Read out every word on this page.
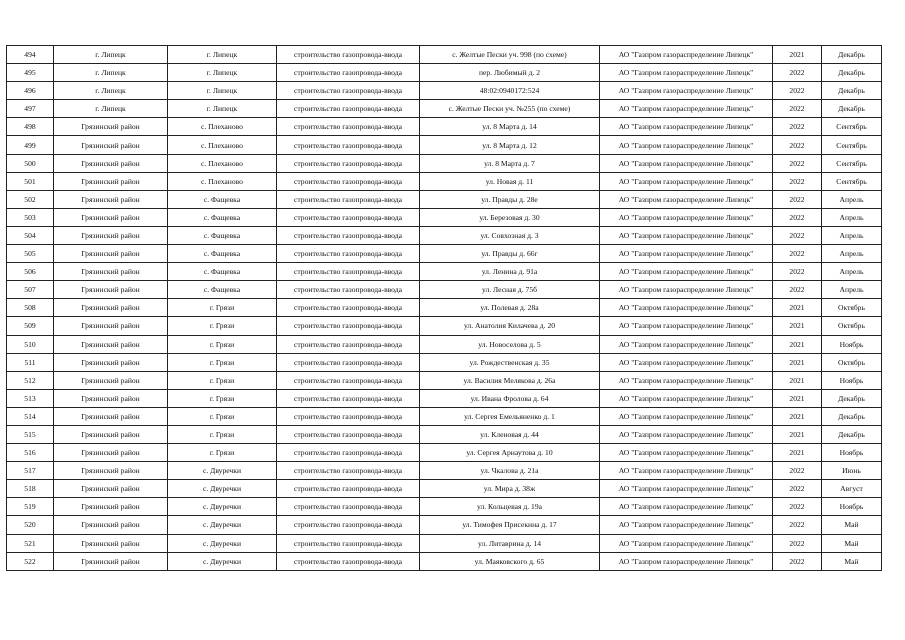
494	г. Липецк	г. Липецк	строительство газопровода-ввода	с. Желтые Пески уч. 998 (по схеме)	АО "Газпром газораспределение Липецк"	2021	Декабрь
495	г. Липецк	г. Липецк	строительство газопровода-ввода	пер. Любимый д. 2	АО "Газпром газораспределение Липецк"	2022	Декабрь
496	г. Липецк	г. Липецк	строительство газопровода-ввода	48:02:0940172:524	АО "Газпром газораспределение Липецк"	2022	Декабрь
497	г. Липецк	г. Липецк	строительство газопровода-ввода	с. Желтые Пески уч. №255 (по схеме)	АО "Газпром газораспределение Липецк"	2022	Декабрь
498	Грязинский район	с. Плеханово	строительство газопровода-ввода	ул. 8 Марта д. 14	АО "Газпром газораспределение Липецк"	2022	Сентябрь
499	Грязинский район	с. Плеханово	строительство газопровода-ввода	ул. 8 Марта д. 12	АО "Газпром газораспределение Липецк"	2022	Сентябрь
500	Грязинский район	с. Плеханово	строительство газопровода-ввода	ул. 8 Марта д. 7	АО "Газпром газораспределение Липецк"	2022	Сентябрь
501	Грязинский район	с. Плеханово	строительство газопровода-ввода	ул. Новая д. 11	АО "Газпром газораспределение Липецк"	2022	Сентябрь
502	Грязинский район	с. Фащевка	строительство газопровода-ввода	ул. Правды д. 28е	АО "Газпром газораспределение Липецк"	2022	Апрель
503	Грязинский район	с. Фащевка	строительство газопровода-ввода	ул. Березовая д. 30	АО "Газпром газораспределение Липецк"	2022	Апрель
504	Грязинский район	с. Фащевка	строительство газопровода-ввода	ул. Совхозная д. 3	АО "Газпром газораспределение Липецк"	2022	Апрель
505	Грязинский район	с. Фащевка	строительство газопровода-ввода	ул. Правды д. 66г	АО "Газпром газораспределение Липецк"	2022	Апрель
506	Грязинский район	с. Фащевка	строительство газопровода-ввода	ул. Ленина д. 91а	АО "Газпром газораспределение Липецк"	2022	Апрель
507	Грязинский район	с. Фащевка	строительство газопровода-ввода	ул. Лесная д. 75б	АО "Газпром газораспределение Липецк"	2022	Апрель
508	Грязинский район	г. Грязи	строительство газопровода-ввода	ул. Полевая д. 28а	АО "Газпром газораспределение Липецк"	2021	Октябрь
509	Грязинский район	г. Грязи	строительство газопровода-ввода	ул. Анатолия Килачева д. 20	АО "Газпром газораспределение Липецк"	2021	Октябрь
510	Грязинский район	г. Грязи	строительство газопровода-ввода	ул. Новоселова д. 5	АО "Газпром газораспределение Липецк"	2021	Ноябрь
511	Грязинский район	г. Грязи	строительство газопровода-ввода	ул. Рождественская д. 35	АО "Газпром газораспределение Липецк"	2021	Октябрь
512	Грязинский район	г. Грязи	строительство газопровода-ввода	ул. Василия Мелякова д. 26а	АО "Газпром газораспределение Липецк"	2021	Ноябрь
513	Грязинский район	г. Грязи	строительство газопровода-ввода	ул. Ивана Фролова д. 64	АО "Газпром газораспределение Липецк"	2021	Декабрь
514	Грязинский район	г. Грязи	строительство газопровода-ввода	ул. Сергея Емельяненко д. 1	АО "Газпром газораспределение Липецк"	2021	Декабрь
515	Грязинский район	г. Грязи	строительство газопровода-ввода	ул. Кленовая д. 44	АО "Газпром газораспределение Липецк"	2021	Декабрь
516	Грязинский район	г. Грязи	строительство газопровода-ввода	ул. Сергея Арнаутова д. 10	АО "Газпром газораспределение Липецк"	2021	Ноябрь
517	Грязинский район	с. Двуречки	строительство газопровода-ввода	ул. Чкалова д. 21а	АО "Газпром газораспределение Липецк"	2022	Июнь
518	Грязинский район	с. Двуречки	строительство газопровода-ввода	ул. Мира д. 38ж	АО "Газпром газораспределение Липецк"	2022	Август
519	Грязинский район	с. Двуречки	строительство газопровода-ввода	ул. Кольцевая д. 19а	АО "Газпром газораспределение Липецк"	2022	Ноябрь
520	Грязинский район	с. Двуречки	строительство газопровода-ввода	ул. Тимофея Присекина д. 17	АО "Газпром газораспределение Липецк"	2022	Май
521	Грязинский район	с. Двуречки	строительство газопровода-ввода	ул. Литаврина д. 14	АО "Газпром газораспределение Липецк"	2022	Май
522	Грязинский район	с. Двуречки	строительство газопровода-ввода	ул. Маяковского д. 65	АО "Газпром газораспределение Липецк"	2022	Май
